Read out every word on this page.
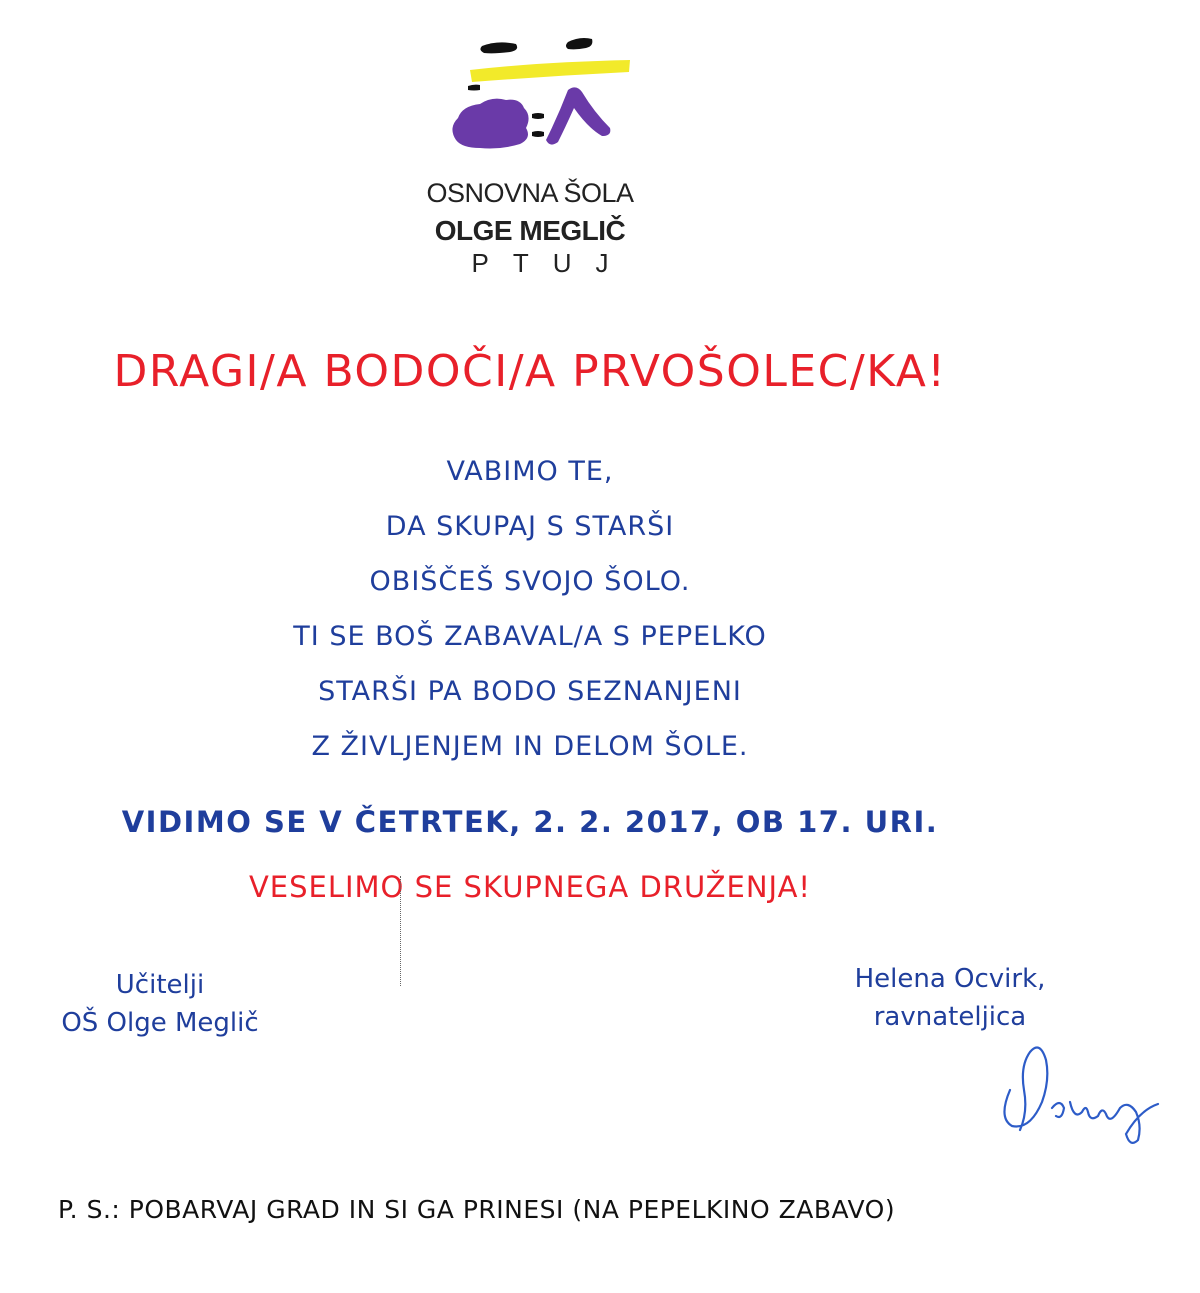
OSNOVNA ŠOLA
OLGE MEGLIČ
PTUJ
DRAGI/A BODOČI/A PRVOŠOLEC/KA!
VABIMO TE,
DA SKUPAJ S STARŠI
OBIŠČEŠ SVOJO ŠOLO.
TI SE BOŠ ZABAVAL/A S PEPELKO
STARŠI PA BODO SEZNANJENI
Z ŽIVLJENJEM IN DELOM ŠOLE.
VIDIMO SE V ČETRTEK, 2. 2. 2017, OB 17. URI.
VESELIMO SE SKUPNEGA DRUŽENJA!
Učitelji
OŠ Olge Meglič
Helena Ocvirk,
ravnateljica
P. S.: POBARVAJ GRAD IN SI GA PRINESI (NA PEPELKINO ZABAVO)
